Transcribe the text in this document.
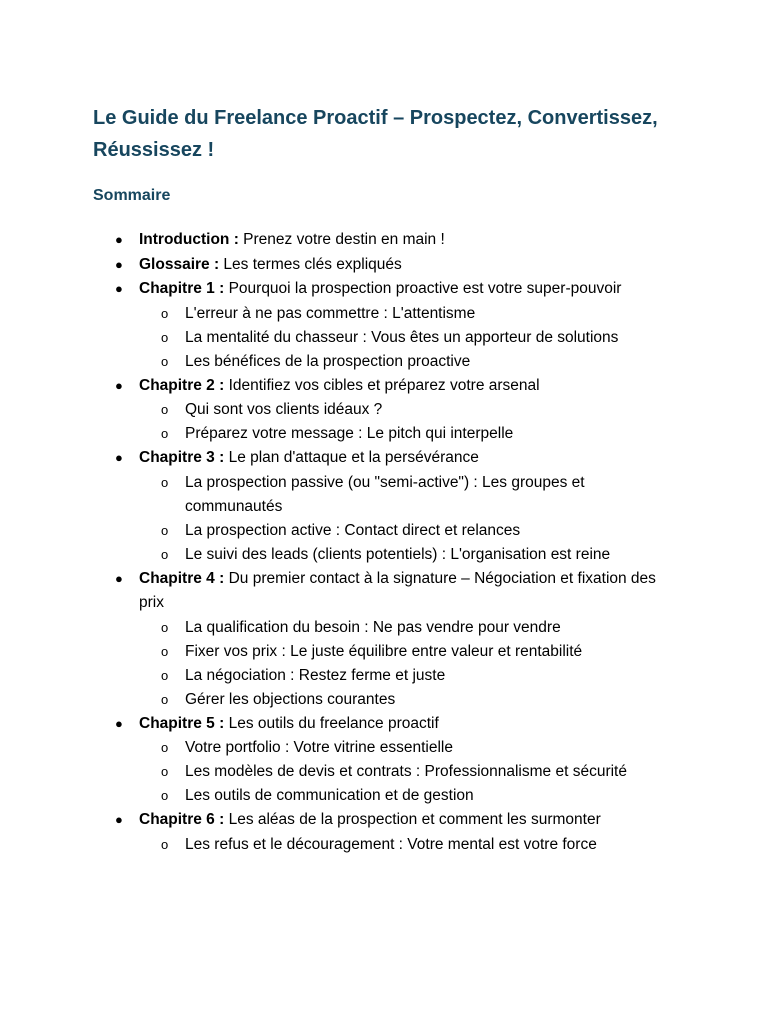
Le Guide du Freelance Proactif – Prospectez, Convertissez, Réussissez !
Sommaire
● Introduction : Prenez votre destin en main !
● Glossaire : Les termes clés expliqués
● Chapitre 1 : Pourquoi la prospection proactive est votre super-pouvoir
o L'erreur à ne pas commettre : L'attentisme
o La mentalité du chasseur : Vous êtes un apporteur de solutions
o Les bénéfices de la prospection proactive
● Chapitre 2 : Identifiez vos cibles et préparez votre arsenal
o Qui sont vos clients idéaux ?
o Préparez votre message : Le pitch qui interpelle
● Chapitre 3 : Le plan d'attaque et la persévérance
o La prospection passive (ou "semi-active") : Les groupes et communautés
o La prospection active : Contact direct et relances
o Le suivi des leads (clients potentiels) : L'organisation est reine
● Chapitre 4 : Du premier contact à la signature – Négociation et fixation des prix
o La qualification du besoin : Ne pas vendre pour vendre
o Fixer vos prix : Le juste équilibre entre valeur et rentabilité
o La négociation : Restez ferme et juste
o Gérer les objections courantes
● Chapitre 5 : Les outils du freelance proactif
o Votre portfolio : Votre vitrine essentielle
o Les modèles de devis et contrats : Professionnalisme et sécurité
o Les outils de communication et de gestion
● Chapitre 6 : Les aléas de la prospection et comment les surmonter
o Les refus et le découragement : Votre mental est votre force
